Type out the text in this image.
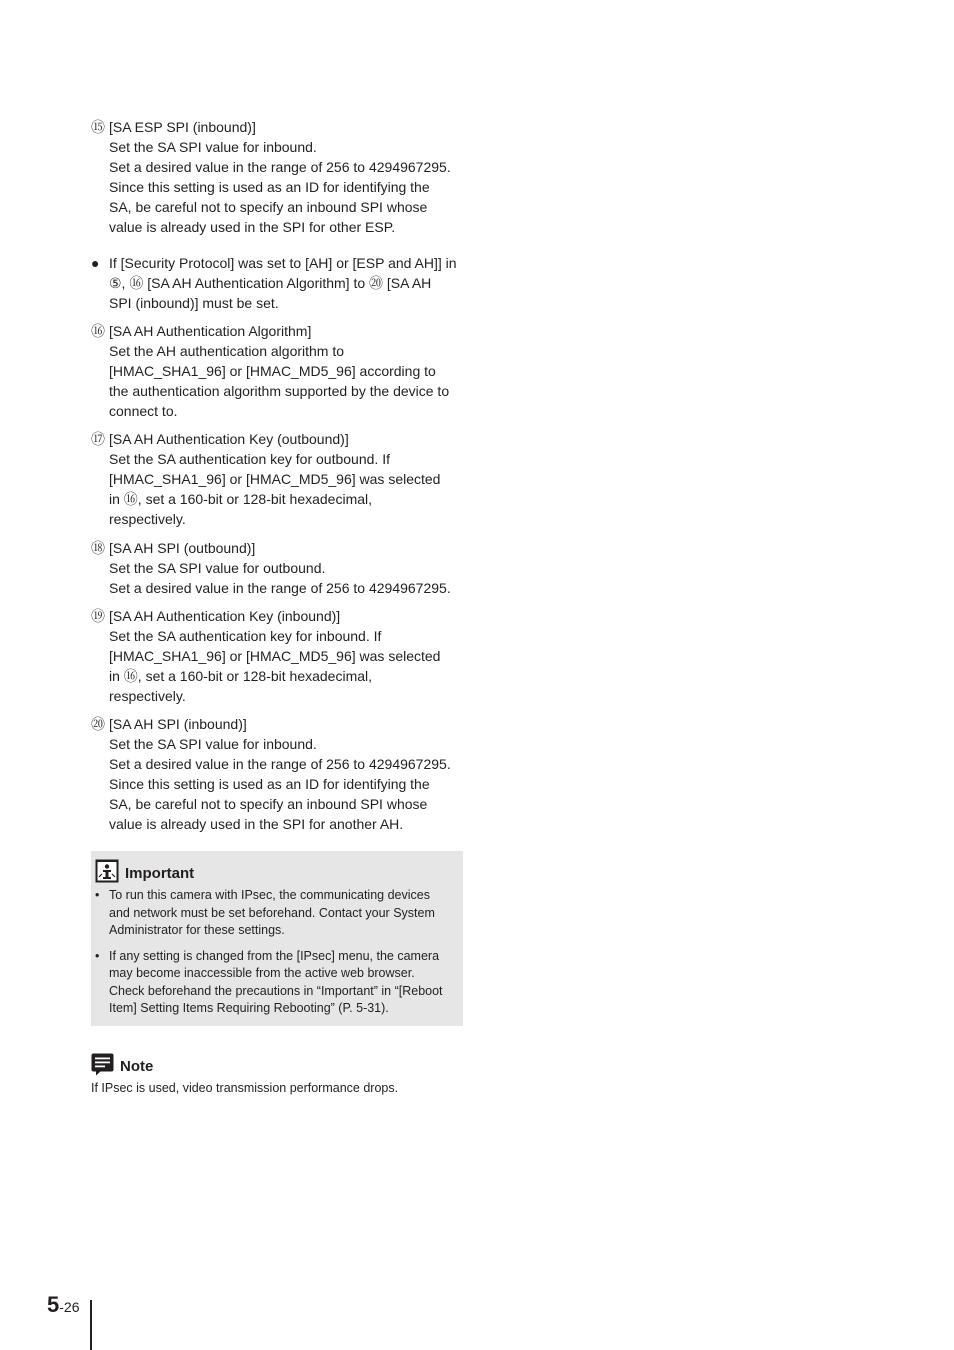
⑮ [SA ESP SPI (inbound)]
Set the SA SPI value for inbound.
Set a desired value in the range of 256 to 4294967295.
Since this setting is used as an ID for identifying the
SA, be careful not to specify an inbound SPI whose
value is already used in the SPI for other ESP.
● If [Security Protocol] was set to [AH] or [ESP and AH]] in
⑤, ⑯ [SA AH Authentication Algorithm] to ⑳ [SA AH
SPI (inbound)] must be set.
⑯ [SA AH Authentication Algorithm]
Set the AH authentication algorithm to
[HMAC_SHA1_96] or [HMAC_MD5_96] according to
the authentication algorithm supported by the device to
connect to.
⑰ [SA AH Authentication Key (outbound)]
Set the SA authentication key for outbound. If
[HMAC_SHA1_96] or [HMAC_MD5_96] was selected
in ⑯, set a 160-bit or 128-bit hexadecimal,
respectively.
⑱ [SA AH SPI (outbound)]
Set the SA SPI value for outbound.
Set a desired value in the range of 256 to 4294967295.
⑲ [SA AH Authentication Key (inbound)]
Set the SA authentication key for inbound. If
[HMAC_SHA1_96] or [HMAC_MD5_96] was selected
in ⑯, set a 160-bit or 128-bit hexadecimal,
respectively.
⑳ [SA AH SPI (inbound)]
Set the SA SPI value for inbound.
Set a desired value in the range of 256 to 4294967295.
Since this setting is used as an ID for identifying the
SA, be careful not to specify an inbound SPI whose
value is already used in the SPI for another AH.
Important
• To run this camera with IPsec, the communicating devices
and network must be set beforehand. Contact your System
Administrator for these settings.
• If any setting is changed from the [IPsec] menu, the camera
may become inaccessible from the active web browser.
Check beforehand the precautions in “Important” in “[Reboot
Item] Setting Items Requiring Rebooting” (P. 5-31).
Note
If IPsec is used, video transmission performance drops.
5 -26
